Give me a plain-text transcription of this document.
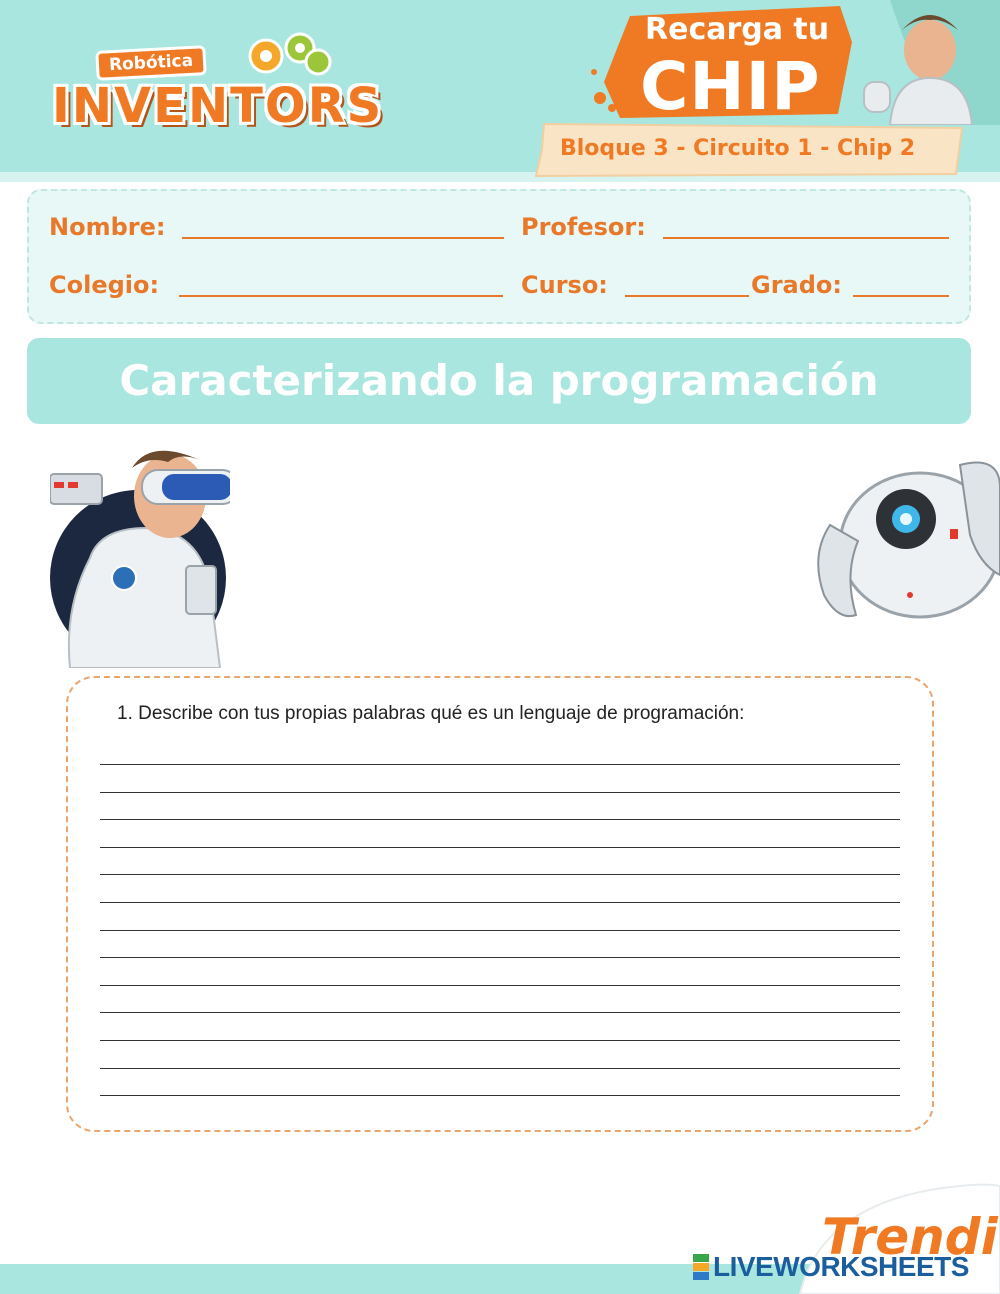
Robótica
INVENTORS
Recarga tu
CHIP
Bloque 3 - Circuito 1 - Chip 2
Nombre:	Profesor:
Colegio:	Curso:	Grado:
Caracterizando la programación
1. Describe con tus propias palabras qué es un lenguaje de programación:
Trendi
LIVEWORKSHEETS
